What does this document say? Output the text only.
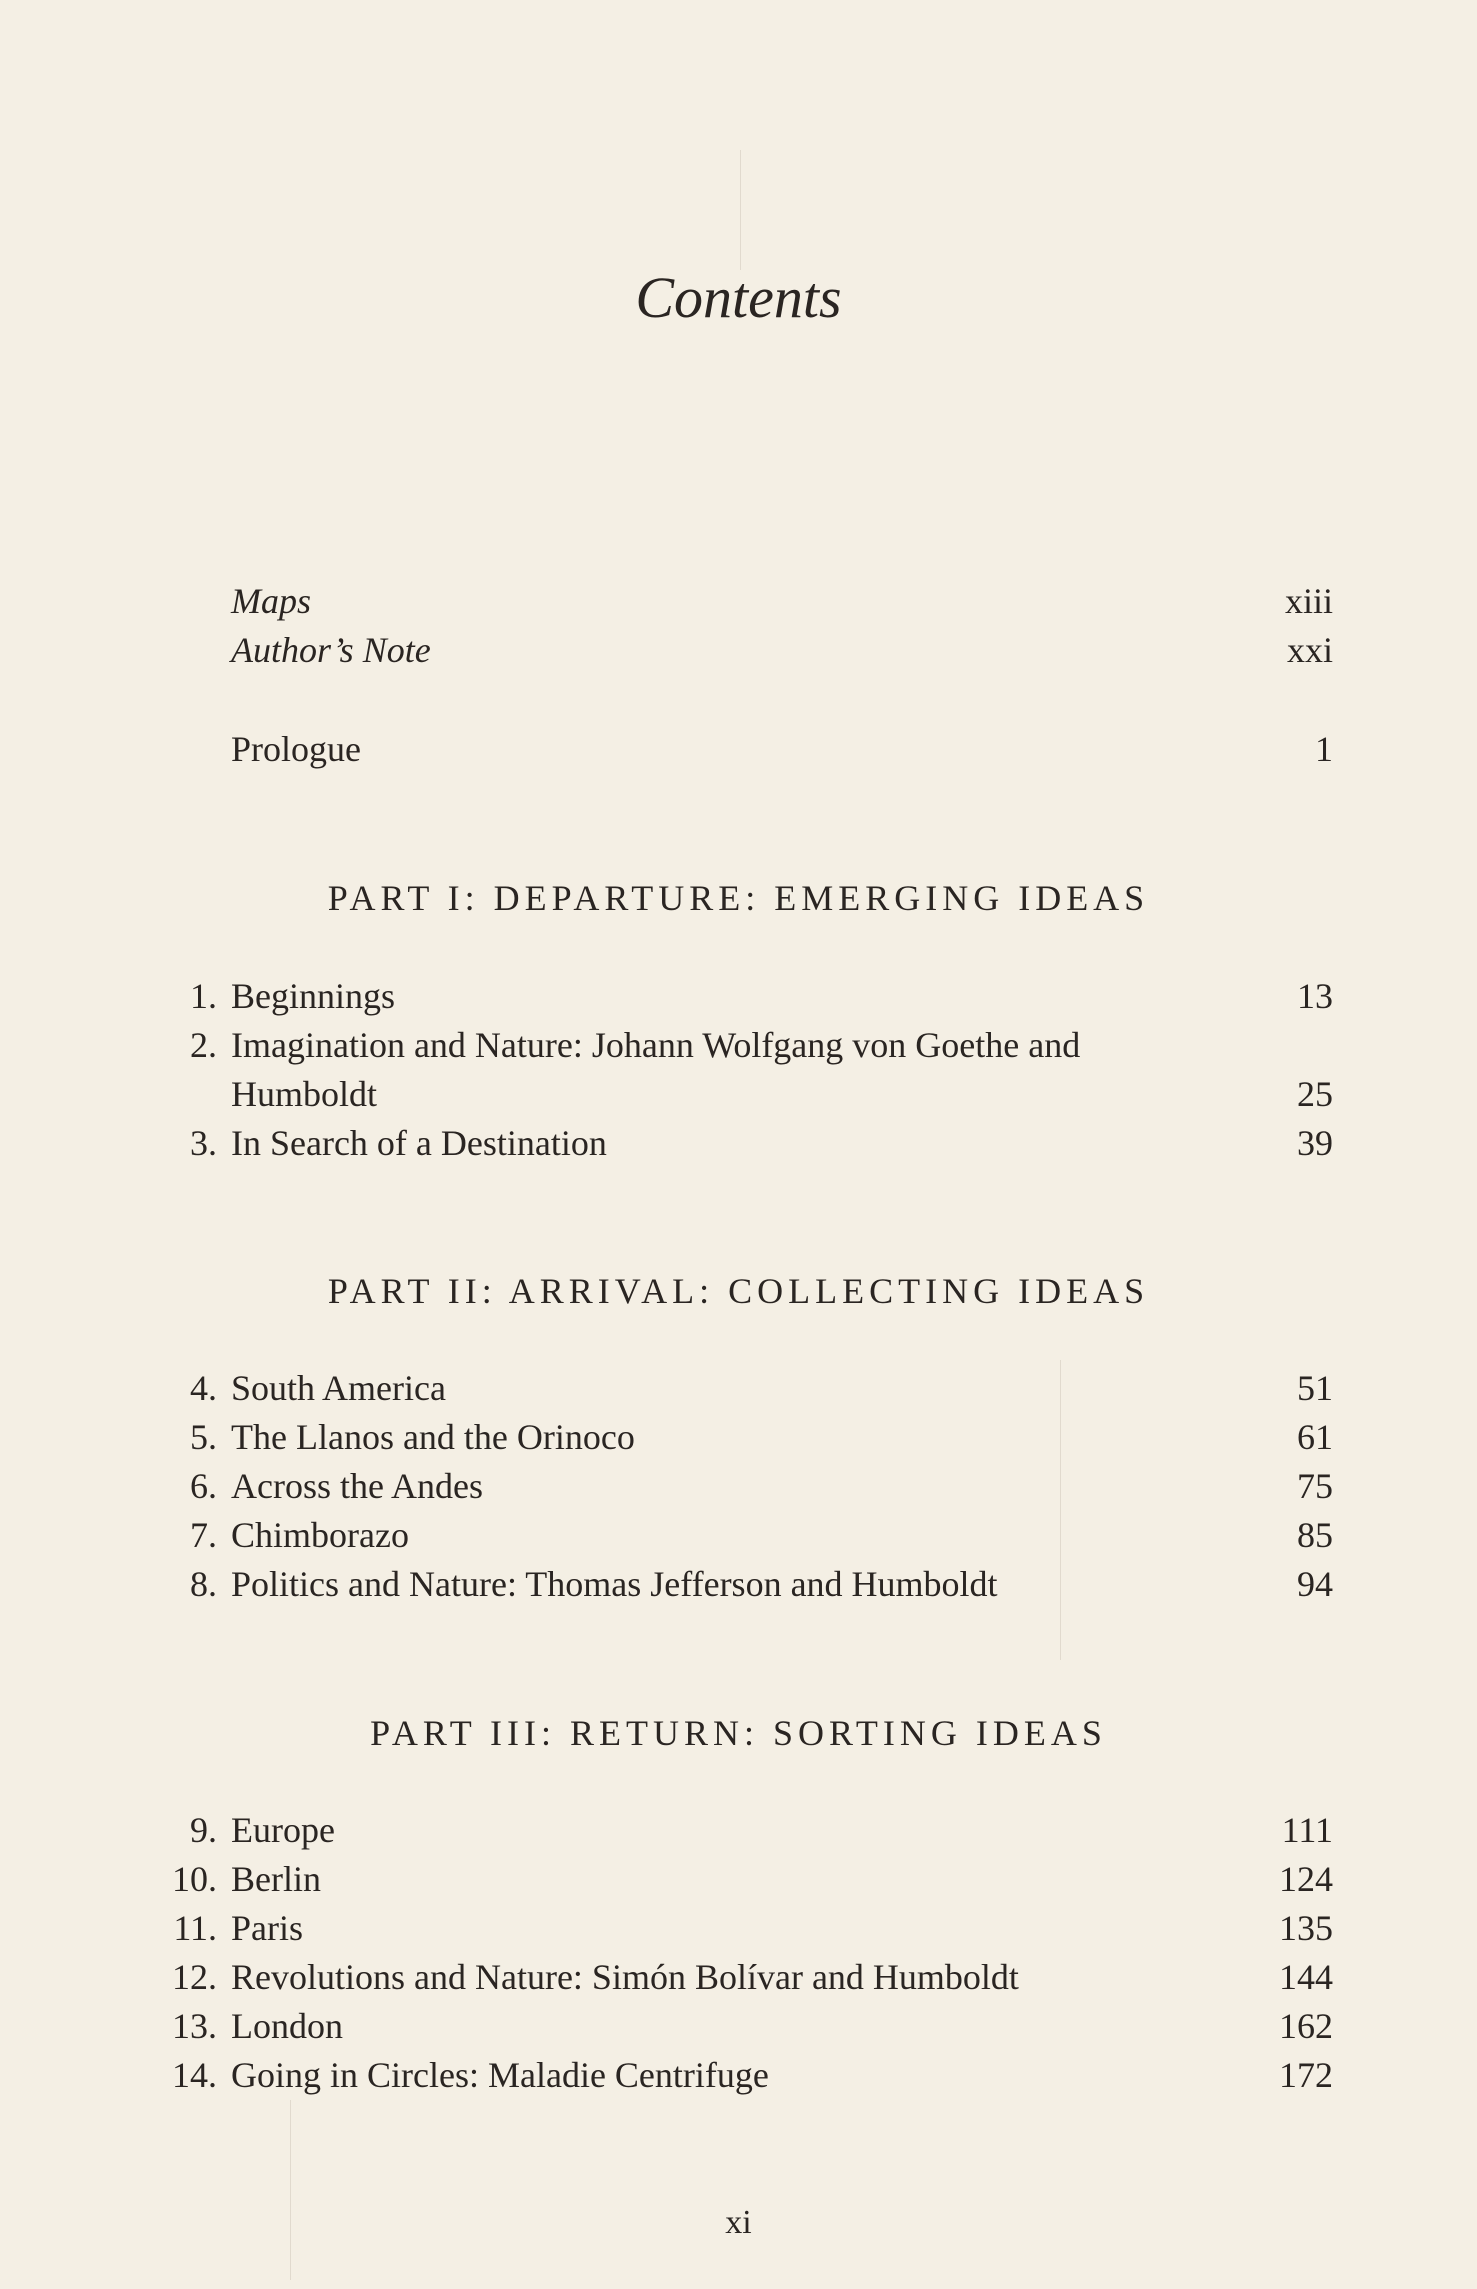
Contents
Maps	xiii
Author’s Note	xxi
Prologue	1
PART I: DEPARTURE: EMERGING IDEAS
1. Beginnings	13
2. Imagination and Nature: Johann Wolfgang von Goethe and
Humboldt	25
3. In Search of a Destination	39
PART II: ARRIVAL: COLLECTING IDEAS
4. South America	51
5. The Llanos and the Orinoco	61
6. Across the Andes	75
7. Chimborazo	85
8. Politics and Nature: Thomas Jefferson and Humboldt	94
PART III: RETURN: SORTING IDEAS
9. Europe	111
10. Berlin	124
11. Paris	135
12. Revolutions and Nature: Simón Bolívar and Humboldt	144
13. London	162
14. Going in Circles: Maladie Centrifuge	172
xi
